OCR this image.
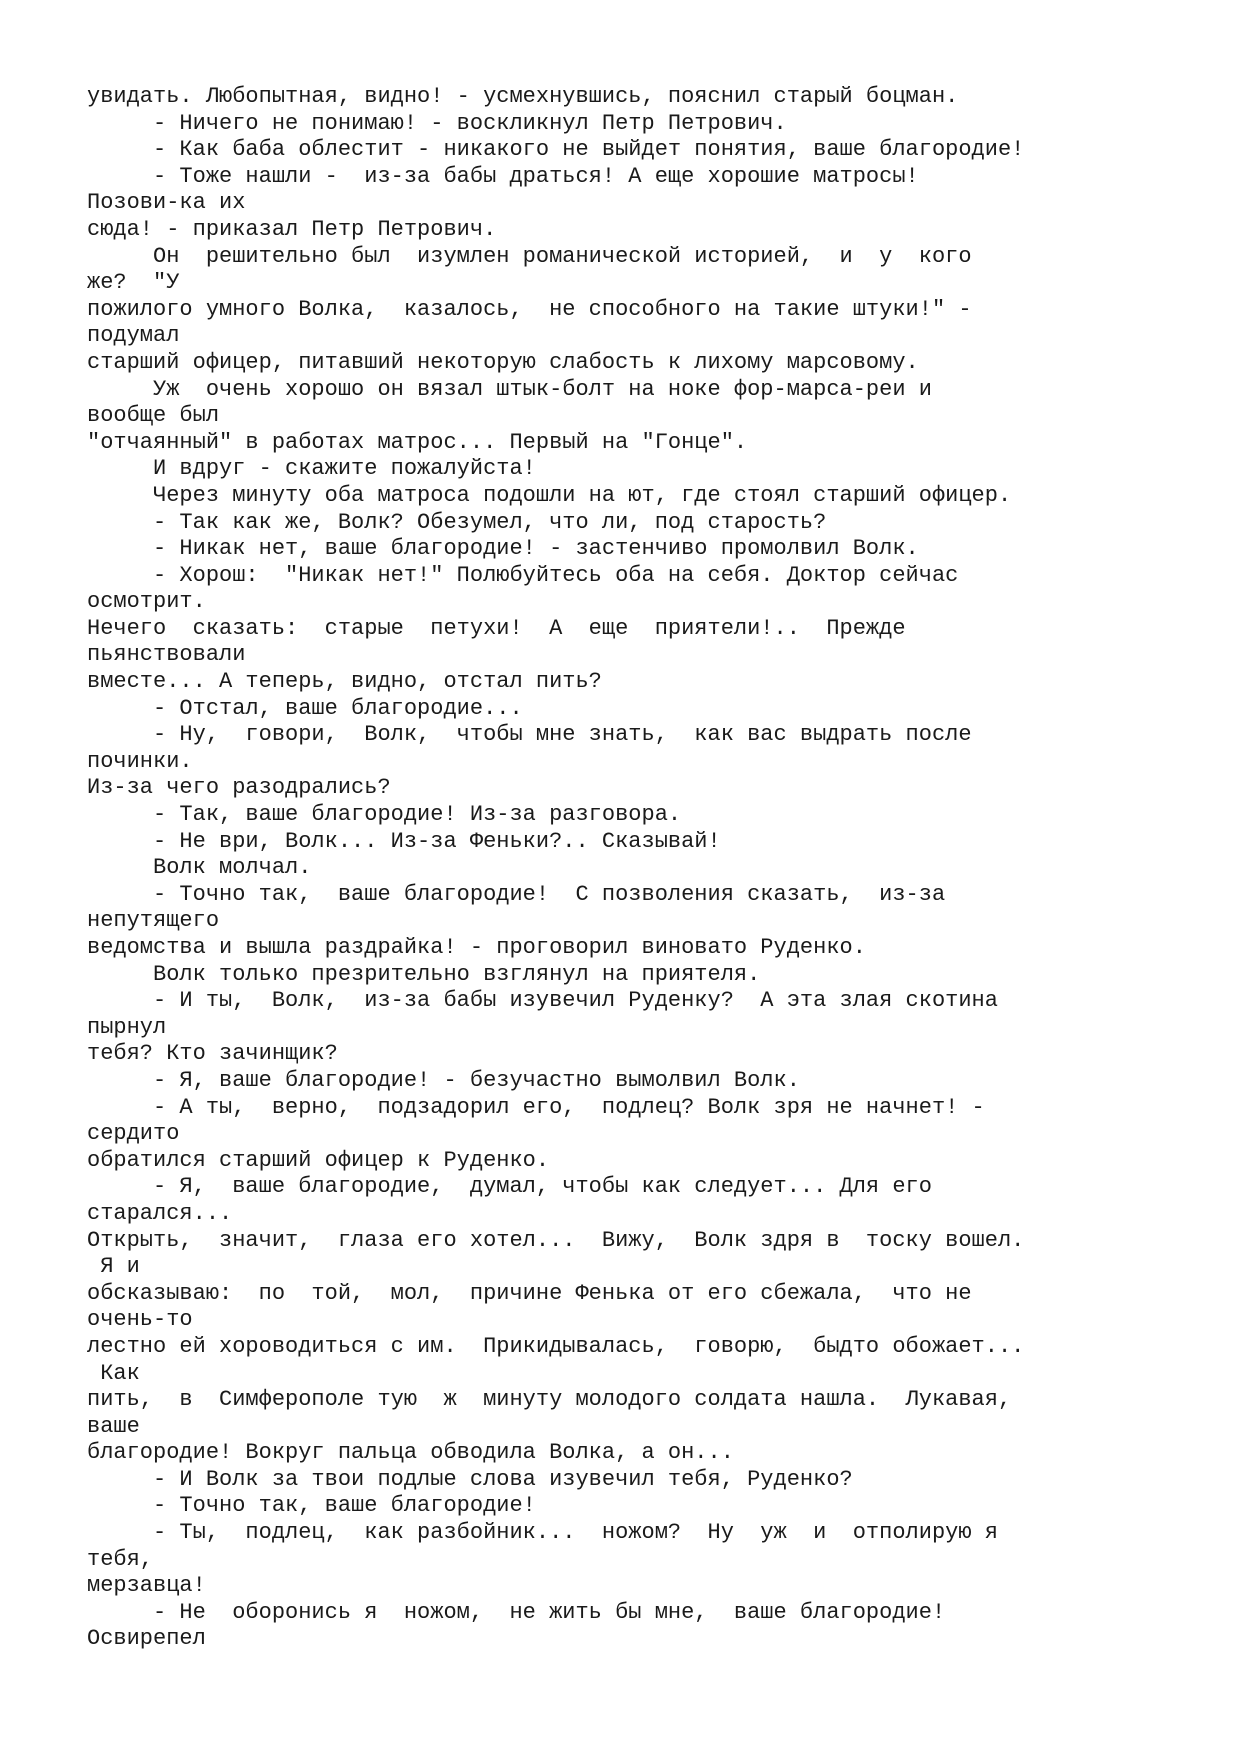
увидать. Любопытная, видно! - усмехнувшись, пояснил старый боцман.
- Ничего не понимаю! - воскликнул Петр Петрович.
- Как баба облестит - никакого не выйдет понятия, ваше благородие!
- Тоже нашли -  из-за бабы драться! А еще хорошие матросы!
Позови-ка их
сюда! - приказал Петр Петрович.
Он  решительно был  изумлен романической историей,  и  у  кого
же?  "У
пожилого умного Волка,  казалось,  не способного на такие штуки!" -
подумал
старший офицер, питавший некоторую слабость к лихому марсовому.
Уж  очень хорошо он вязал штык-болт на ноке фор-марса-реи и
вообще был
"отчаянный" в работах матрос... Первый на "Гонце".
И вдруг - скажите пожалуйста!
Через минуту оба матроса подошли на ют, где стоял старший офицер.
- Так как же, Волк? Обезумел, что ли, под старость?
- Никак нет, ваше благородие! - застенчиво промолвил Волк.
- Хорош:  "Никак нет!" Полюбуйтесь оба на себя. Доктор сейчас
осмотрит.
Нечего  сказать:  старые  петухи!  А  еще  приятели!..  Прежде
пьянствовали
вместе... А теперь, видно, отстал пить?
- Отстал, ваше благородие...
- Ну,  говори,  Волк,  чтобы мне знать,  как вас выдрать после
починки.
Из-за чего разодрались?
- Так, ваше благородие! Из-за разговора.
- Не ври, Волк... Из-за Феньки?.. Сказывай!
Волк молчал.
- Точно так,  ваше благородие!  С позволения сказать,  из-за
непутящего
ведомства и вышла раздрайка! - проговорил виновато Руденко.
Волк только презрительно взглянул на приятеля.
- И ты,  Волк,  из-за бабы изувечил Руденку?  А эта злая скотина
пырнул
тебя? Кто зачинщик?
- Я, ваше благородие! - безучастно вымолвил Волк.
- А ты,  верно,  подзадорил его,  подлец? Волк зря не начнет! -
сердито
обратился старший офицер к Руденко.
- Я,  ваше благородие,  думал, чтобы как следует... Для его
старался...
Открыть,  значит,  глаза его хотел...  Вижу,  Волк здря в  тоску вошел.
Я и
обсказываю:  по  той,  мол,  причине Фенька от его сбежала,  что не
очень-то
лестно ей хороводиться с им.  Прикидывалась,  говорю,  быдто обожает...
Как
пить,  в  Симферополе тую  ж  минуту молодого солдата нашла.  Лукавая,
ваше
благородие! Вокруг пальца обводила Волка, а он...
- И Волк за твои подлые слова изувечил тебя, Руденко?
- Точно так, ваше благородие!
- Ты,  подлец,  как разбойник...  ножом?  Ну  уж  и  отполирую я
тебя,
мерзавца!
- Не  оборонись я  ножом,  не жить бы мне,  ваше благородие!
Освирепел
